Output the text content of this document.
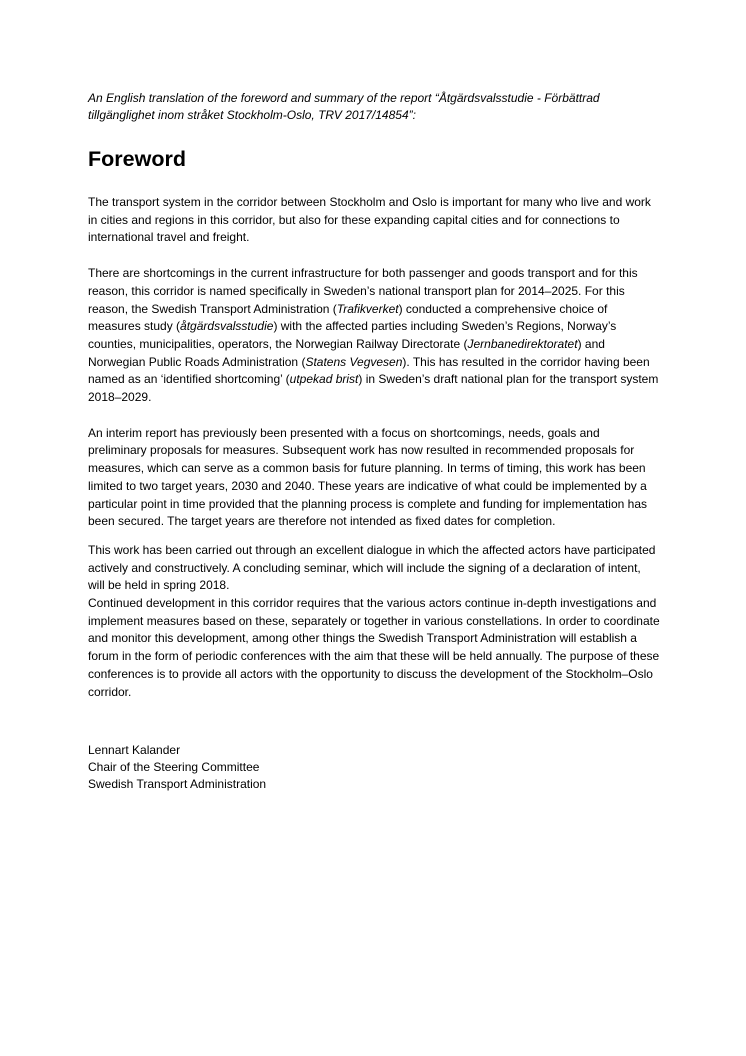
An English translation of the foreword and summary of the report “Åtgärdsvalsstudie - Förbättrad
tillgänglighet inom stråket Stockholm-Oslo, TRV 2017/14854”:

Foreword

The transport system in the corridor between Stockholm and Oslo is important for many who live and work in cities and regions in this corridor, but also for these expanding capital cities and for connections to international travel and freight.

There are shortcomings in the current infrastructure for both passenger and goods transport and for this reason, this corridor is named specifically in Sweden’s national transport plan for 2014–2025. For this reason, the Swedish Transport Administration (Trafikverket) conducted a comprehensive choice of measures study (åtgärdsvalsstudie) with the affected parties including Sweden’s Regions, Norway’s counties, municipalities, operators, the Norwegian Railway Directorate (Jernbanedirektoratet) and Norwegian Public Roads Administration (Statens Vegvesen). This has resulted in the corridor having been named as an ‘identified shortcoming’ (utpekad brist) in Sweden’s draft national plan for the transport system 2018–2029.

An interim report has previously been presented with a focus on shortcomings, needs, goals and preliminary proposals for measures. Subsequent work has now resulted in recommended proposals for measures, which can serve as a common basis for future planning. In terms of timing, this work has been limited to two target years, 2030 and 2040. These years are indicative of what could be implemented by a particular point in time provided that the planning process is complete and funding for implementation has been secured. The target years are therefore not intended as fixed dates for completion.

This work has been carried out through an excellent dialogue in which the affected actors have participated actively and constructively. A concluding seminar, which will include the signing of a declaration of intent, will be held in spring 2018.

Continued development in this corridor requires that the various actors continue in-depth investigations and implement measures based on these, separately or together in various constellations. In order to coordinate and monitor this development, among other things the Swedish Transport Administration will establish a forum in the form of periodic conferences with the aim that these will be held annually. The purpose of these conferences is to provide all actors with the opportunity to discuss the development of the Stockholm–Oslo corridor.

Lennart Kalander
Chair of the Steering Committee
Swedish Transport Administration
